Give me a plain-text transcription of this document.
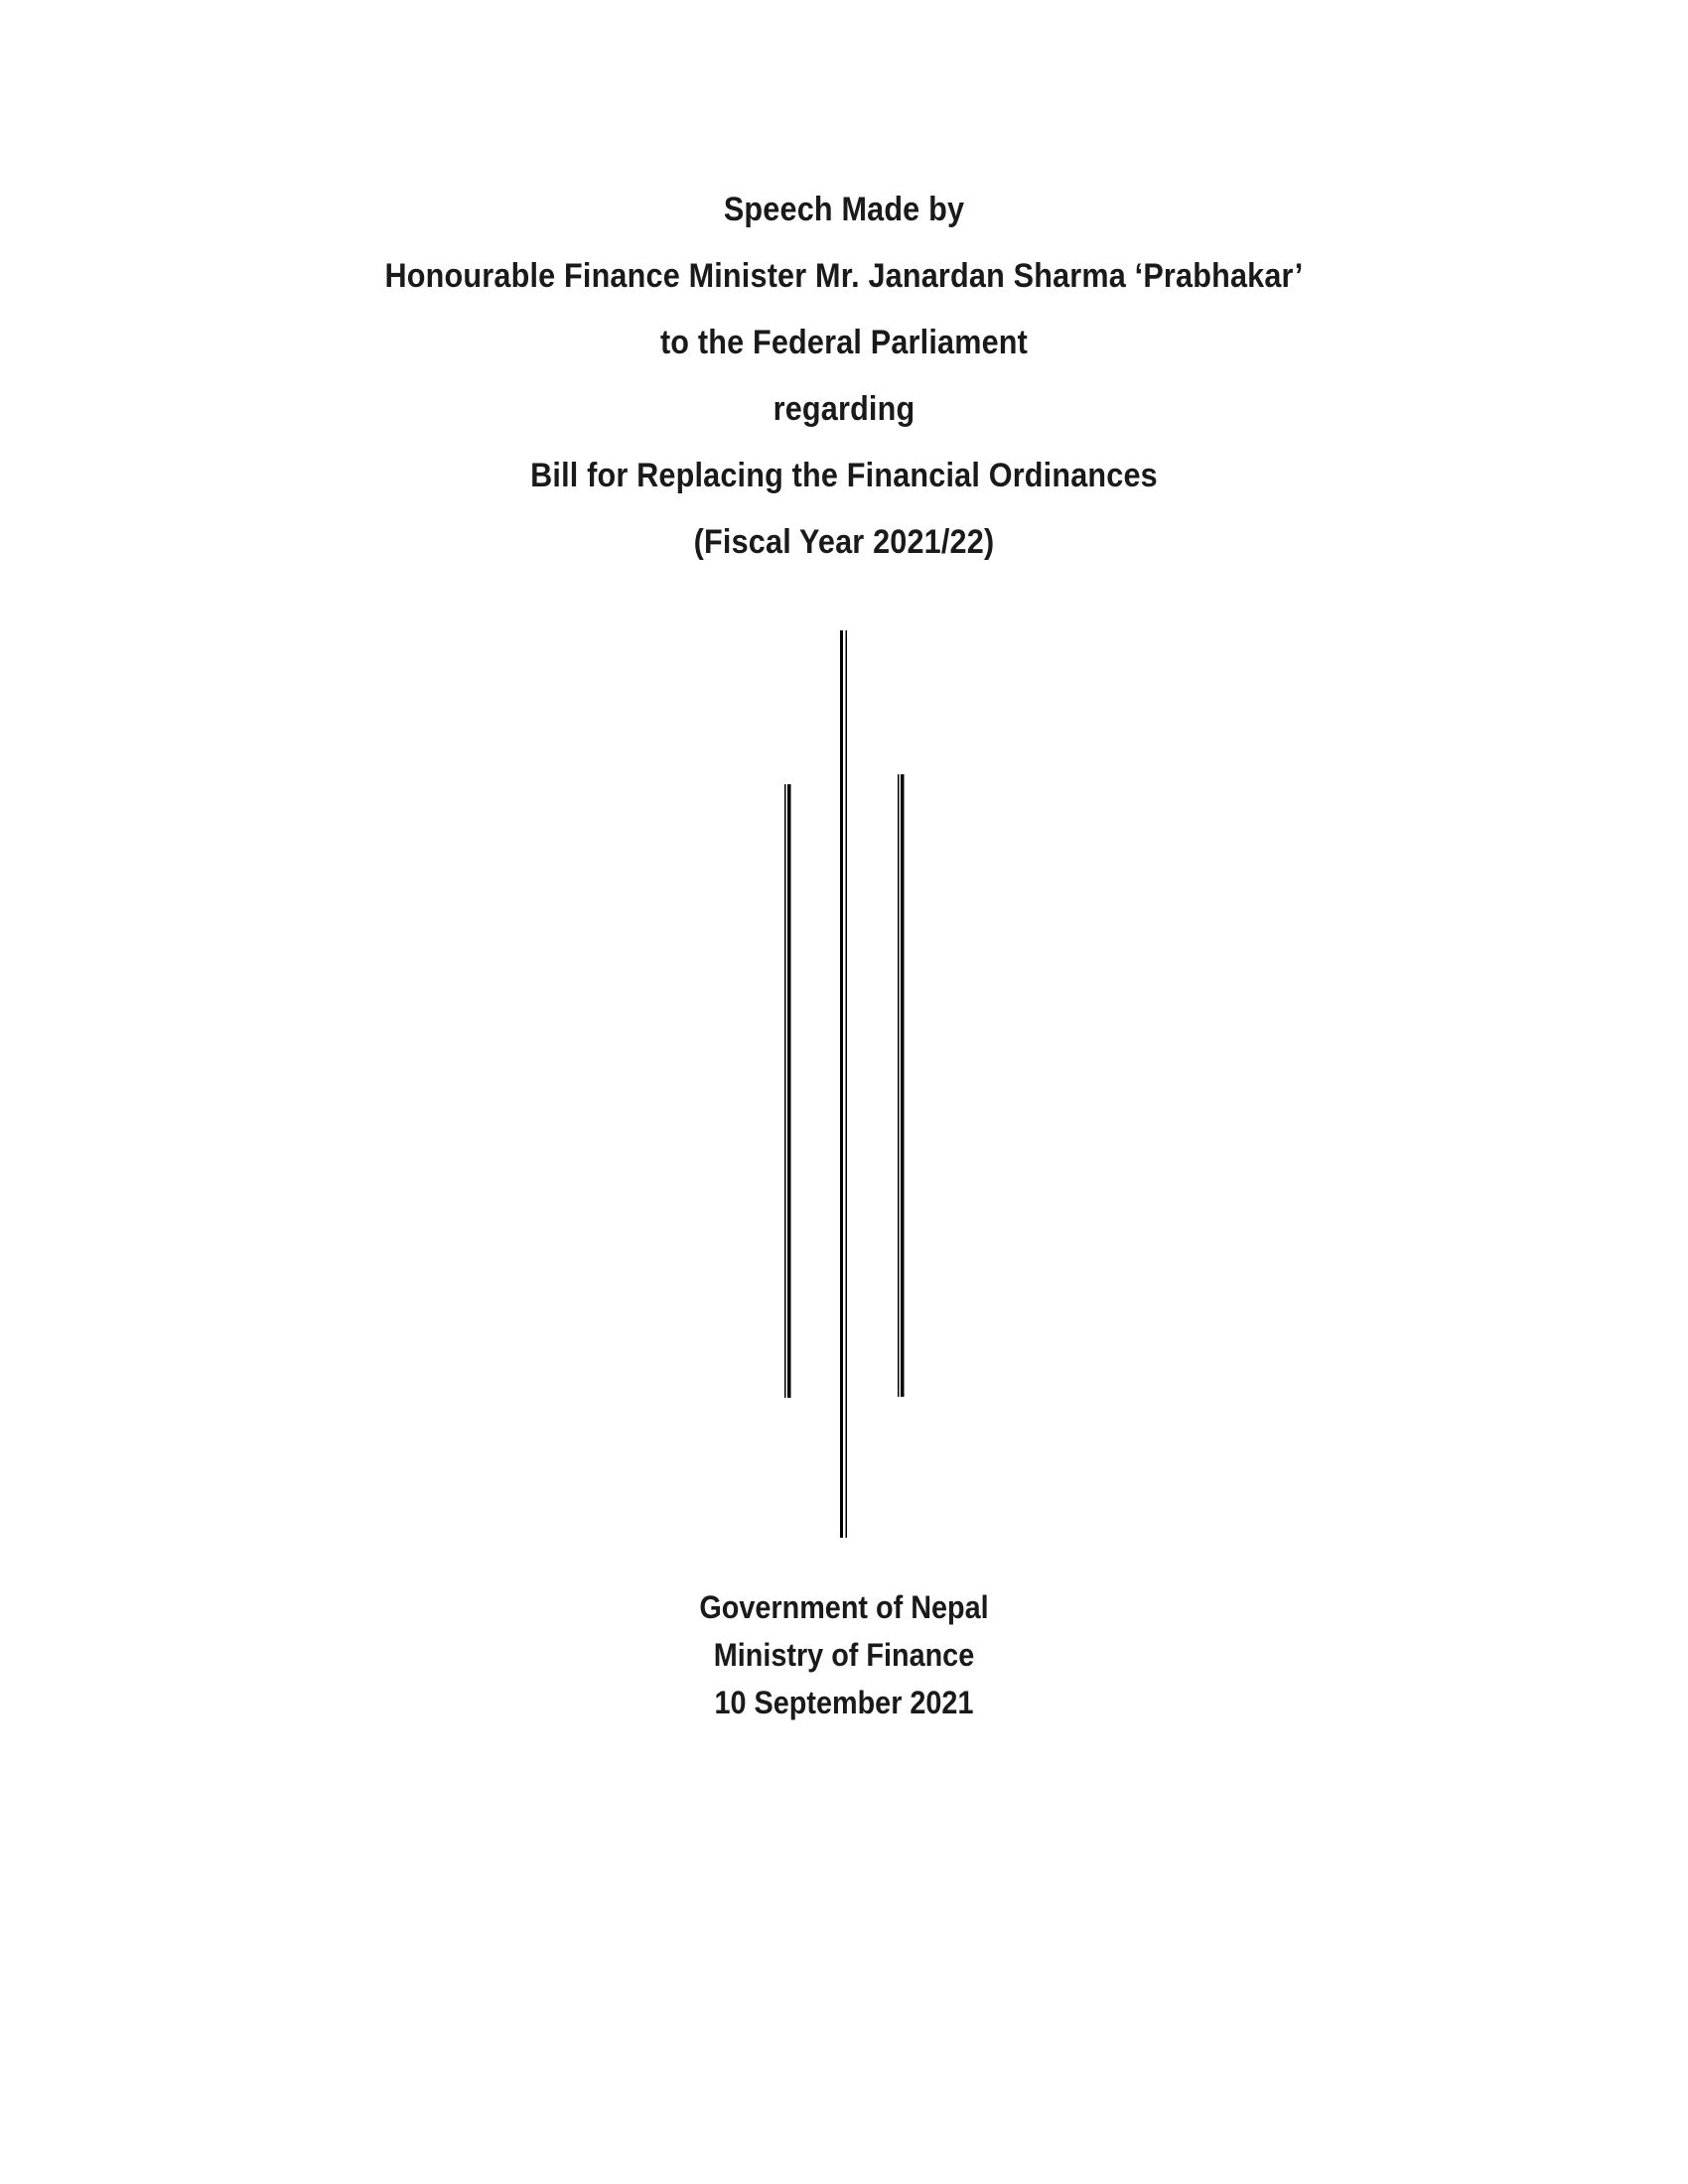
Speech Made by
Honourable Finance Minister Mr. Janardan Sharma ‘Prabhakar’
to the Federal Parliament
regarding
Bill for Replacing the Financial Ordinances
(Fiscal Year 2021/22)
Government of Nepal
Ministry of Finance
10 September 2021
